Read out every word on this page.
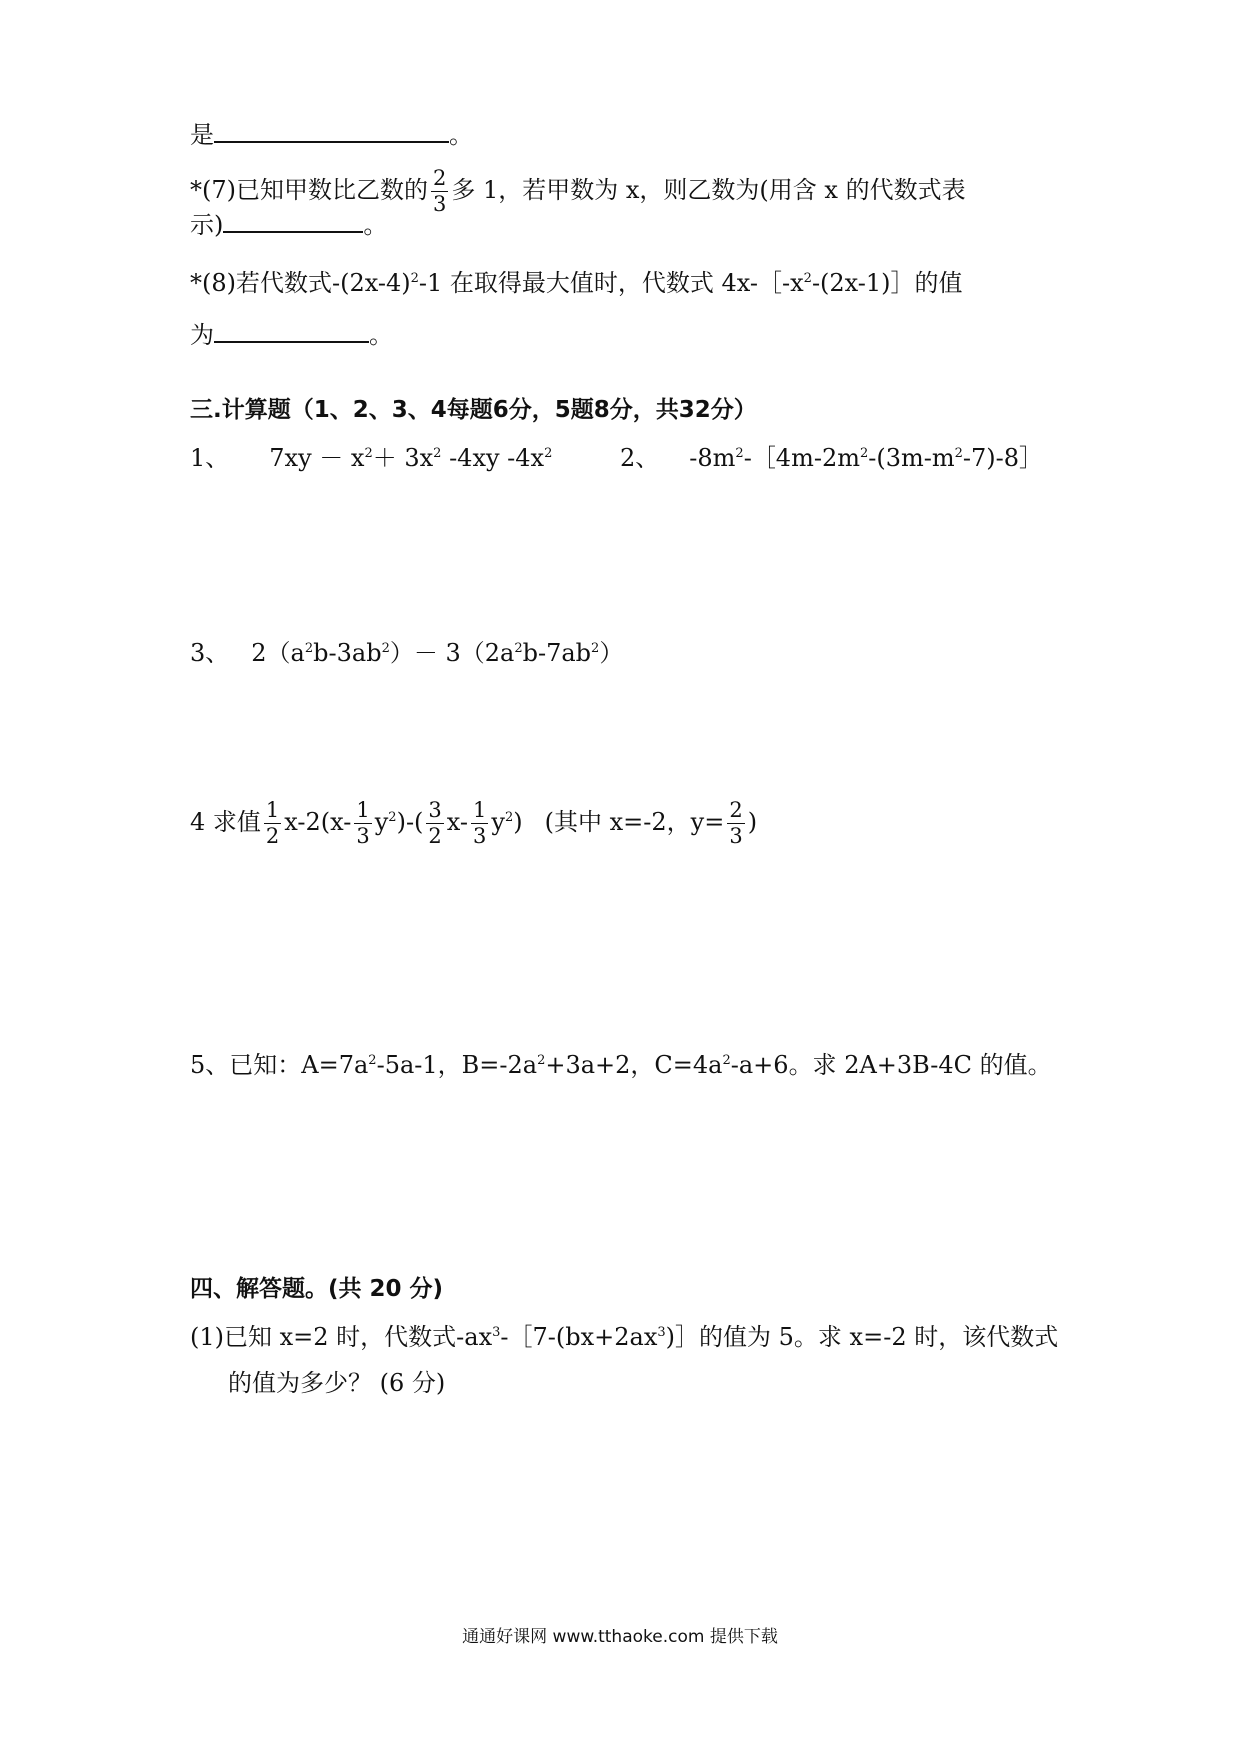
是	。
*(7)已知甲数比乙数的 $\frac{2}{3}$ 多 1，若甲数为 x，则乙数为(用含 x 的代数式表
示)	。
*(8)若代数式$-(2x-4)^2-1$ 在取得最大值时，代数式 $4x-[-x^2-(2x-1)]$的值
为	。
三.计算题（1、2、3、4每题6分，5题8分，共32分）
1、 $7xy - x^2+ 3x^2$ -4xy $-4x^2$	2、 $-8m^2-[4m-2m^2-(3m-m^2-7)-8]$
3、 $2(a^2b-3ab^2)- 3(2a^2b-7ab^2)$
4 求值 $\frac{1}{2} x-2(x- \frac{1}{3} y^2)-( \frac{3}{2} x- \frac{1}{3} y^2)$ (其中 x=-2，$y= \frac{2}{3}$ )
5、已知：$A=7a^2-5a-1$，$B=-2a^2+3a+2$，$C=4a^2-a+6$。求 2A+3B-4C 的值。
四、解答题。(共 20 分)
(1)已知 x=2 时，代数式$-ax^3-[7-(bx+2ax^3)]$的值为 5。求 x=-2 时，该代数式
的值为多少？ (6 分)
通通好课网 www.tthaoke.com 提供下载
